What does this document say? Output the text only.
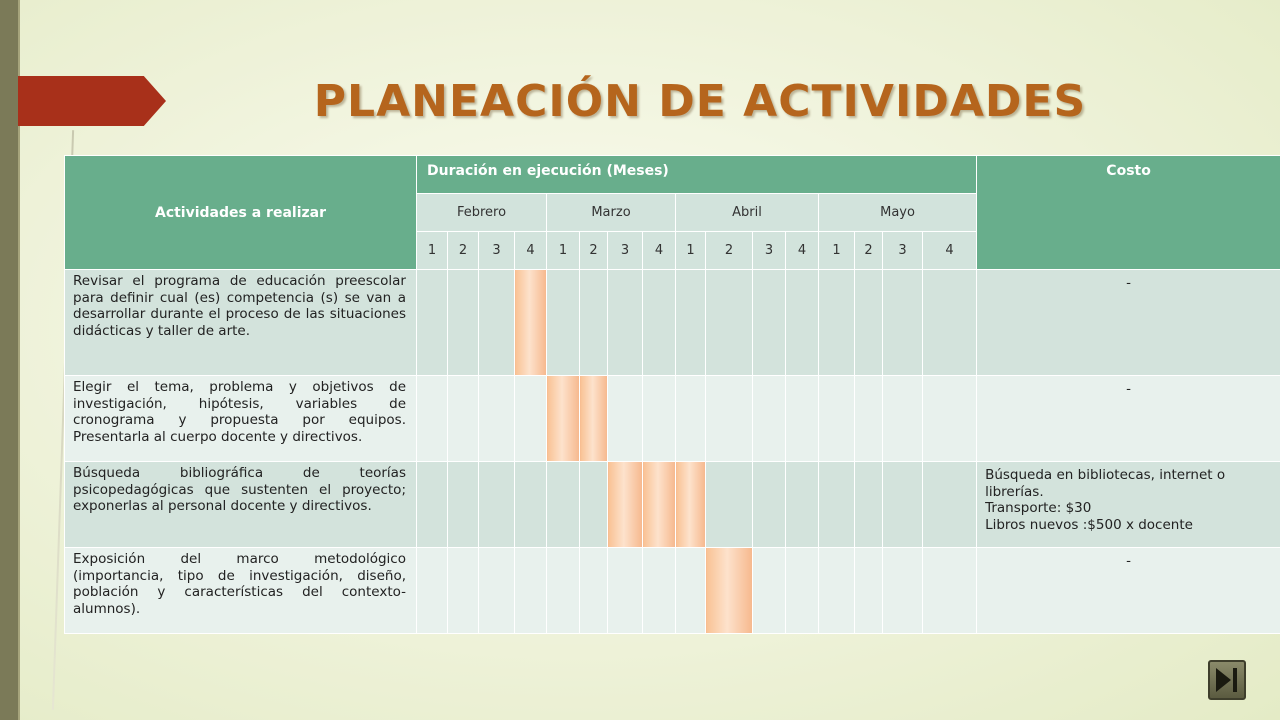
PLANEACIÓN DE ACTIVIDADES
Actividades a realizar	Duración en ejecución (Meses)																Costo
	Febrero				Marzo				Abril				Mayo				
	1	2	3	4	1	2	3	4	1	2	3	4	1	2	3	4	
Revisar el programa de educación preescolar para definir cual (es) competencia (s) se van a desarrollar durante el proceso de las situaciones didácticas y taller de arte.																	-

Elegir el tema, problema y objetivos de investigación, hipótesis, variables de cronograma y propuesta por equipos. Presentarla al cuerpo docente y directivos.																	-

Búsqueda bibliográfica de teorías psicopedagógicas que sustenten el proyecto; exponerlas al personal docente y directivos.																	Búsqueda en bibliotecas, internet o librerías.
Transporte: $30
Libros nuevos :$500 x docente

Exposición del marco metodológico (importancia, tipo de investigación, diseño, población y características del contexto-alumnos).																	-
